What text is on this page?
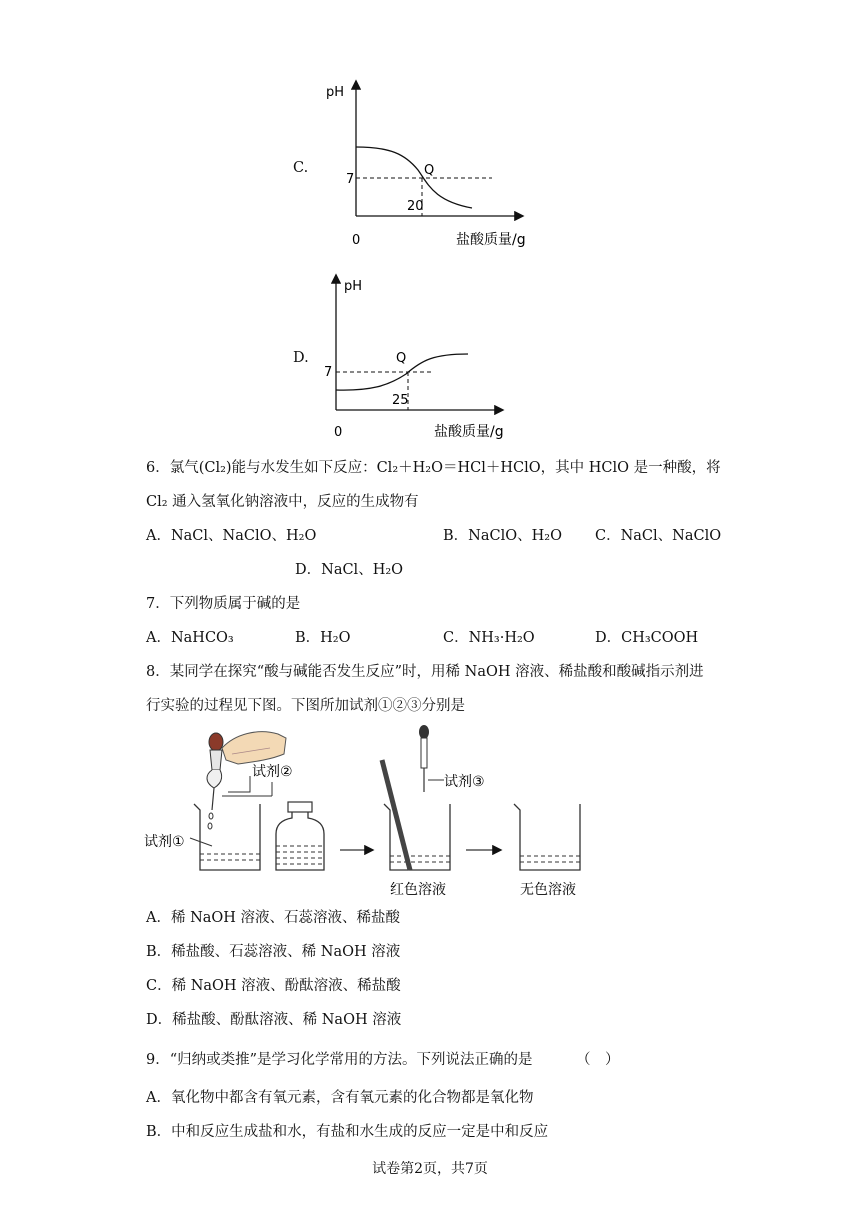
C.
pH
7
0	盐酸质量/g
Q
20
D.
pH
7
0	盐酸质量/g
Q
25
6．氯气(Cl₂)能与水发生如下反应：Cl₂＋H₂O＝HCl＋HClO，其中 HClO 是一种酸，将
Cl₂ 通入氢氧化钠溶液中，反应的生成物有
A．NaCl、NaClO、H₂O	B．NaClO、H₂O C．NaCl、NaClO
D．NaCl、H₂O
7．下列物质属于碱的是
A．NaHCO₃	B．H₂O	C．NH₃·H₂O	D．CH₃COOH
8．某同学在探究“酸与碱能否发生反应”时，用稀 NaOH 溶液、稀盐酸和酸碱指示剂进
行实验的过程见下图。下图所加试剂①②③分别是
试剂①
试剂②
试剂③
红色溶液	无色溶液
A．稀 NaOH 溶液、石蕊溶液、稀盐酸
B．稀盐酸、石蕊溶液、稀 NaOH 溶液
C．稀 NaOH 溶液、酚酞溶液、稀盐酸
D．稀盐酸、酚酞溶液、稀 NaOH 溶液
9．“归纳或类推”是学习化学常用的方法。下列说法正确的是	（　）
A．氧化物中都含有氧元素，含有氧元素的化合物都是氧化物
B．中和反应生成盐和水，有盐和水生成的反应一定是中和反应
试卷第2页，共7页
